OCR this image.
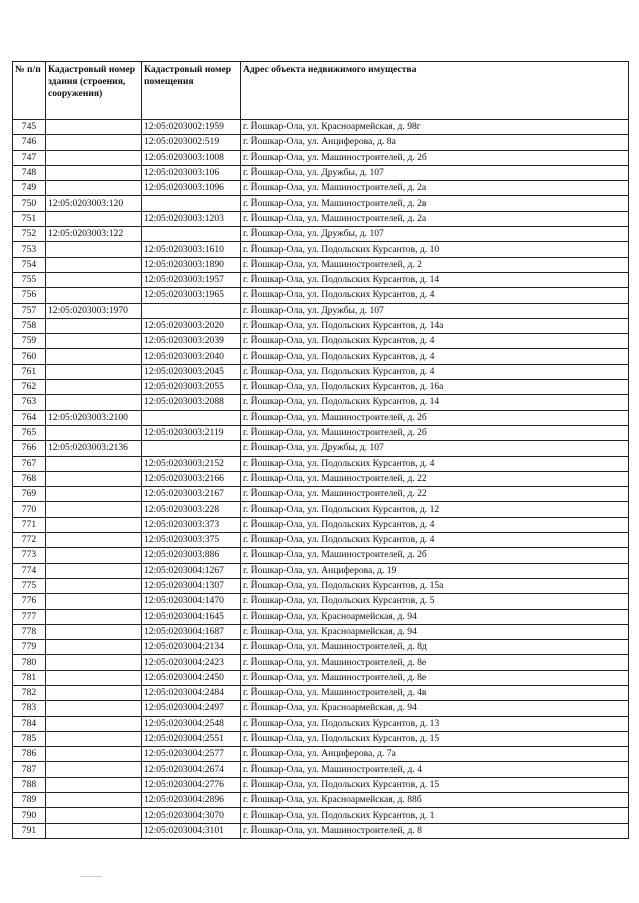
№ п/п	Кадастровый номер здания (строения, сооружения)	Кадастровый номер помещения	Адрес объекта недвижимого имущества
745		12:05:0203002:1959	г. Йошкар-Ола, ул. Красноармейская, д. 98г
746		12:05:0203002:519	г. Йошкар-Ола, ул. Анциферова, д. 8а
747		12:05:0203003:1008	г. Йошкар-Ола, ул. Машиностроителей, д. 2б
748		12:05:0203003:106	г. Йошкар-Ола, ул. Дружбы, д. 107
749		12:05:0203003:1096	г. Йошкар-Ола, ул. Машиностроителей, д. 2а
750	12:05:0203003:120		г. Йошкар-Ола, ул. Машиностроителей, д. 2в
751		12:05:0203003:1203	г. Йошкар-Ола, ул. Машиностроителей, д. 2а
752	12:05:0203003:122		г. Йошкар-Ола, ул. Дружбы, д. 107
753		12:05:0203003:1610	г. Йошкар-Ола, ул. Подольских Курсантов, д. 10
754		12:05:0203003:1890	г. Йошкар-Ола, ул. Машиностроителей, д. 2
755		12:05:0203003:1957	г. Йошкар-Ола, ул. Подольских Курсантов, д. 14
756		12:05:0203003:1965	г. Йошкар-Ола, ул. Подольских Курсантов, д. 4
757	12:05:0203003:1970		г. Йошкар-Ола, ул. Дружбы, д. 107
758		12:05:0203003:2020	г. Йошкар-Ола, ул. Подольских Курсантов, д. 14а
759		12:05:0203003:2039	г. Йошкар-Ола, ул. Подольских Курсантов, д. 4
760		12:05:0203003:2040	г. Йошкар-Ола, ул. Подольских Курсантов, д. 4
761		12:05:0203003:2045	г. Йошкар-Ола, ул. Подольских Курсантов, д. 4
762		12:05:0203003:2055	г. Йошкар-Ола, ул. Подольских Курсантов, д. 16а
763		12:05:0203003:2088	г. Йошкар-Ола, ул. Подольских Курсантов, д. 14
764	12:05:0203003:2100		г. Йошкар-Ола, ул. Машиностроителей, д. 2б
765		12:05:0203003:2119	г. Йошкар-Ола, ул. Машиностроителей, д. 2б
766	12:05:0203003:2136		г. Йошкар-Ола, ул. Дружбы, д. 107
767		12:05:0203003:2152	г. Йошкар-Ола, ул. Подольских Курсантов, д. 4
768		12:05:0203003:2166	г. Йошкар-Ола, ул. Машиностроителей, д. 22
769		12:05:0203003:2167	г. Йошкар-Ола, ул. Машиностроителей, д. 22
770		12:05:0203003:228	г. Йошкар-Ола, ул. Подольских Курсантов, д. 12
771		12:05:0203003:373	г. Йошкар-Ола, ул. Подольских Курсантов, д. 4
772		12:05:0203003:375	г. Йошкар-Ола, ул. Подольских Курсантов, д. 4
773		12:05:0203003:886	г. Йошкар-Ола, ул. Машиностроителей, д. 2б
774		12:05:0203004:1267	г. Йошкар-Ола, ул. Анциферова, д. 19
775		12:05:0203004:1307	г. Йошкар-Ола, ул. Подольских Курсантов, д. 15а
776		12:05:0203004:1470	г. Йошкар-Ола, ул. Подольских Курсантов, д. 5
777		12:05:0203004:1645	г. Йошкар-Ола, ул. Красноармейская, д. 94
778		12:05:0203004:1687	г. Йошкар-Ола, ул. Красноармейская, д. 94
779		12:05:0203004:2134	г. Йошкар-Ола, ул. Машиностроителей, д. 8д
780		12:05:0203004:2423	г. Йошкар-Ола, ул. Машиностроителей, д. 8е
781		12:05:0203004:2450	г. Йошкар-Ола, ул. Машиностроителей, д. 8е
782		12:05:0203004:2484	г. Йошкар-Ола, ул. Машиностроителей, д. 4в
783		12:05:0203004:2497	г. Йошкар-Ола, ул. Красноармейская, д. 94
784		12:05:0203004:2548	г. Йошкар-Ола, ул. Подольских Курсантов, д. 13
785		12:05:0203004:2551	г. Йошкар-Ола, ул. Подольских Курсантов, д. 15
786		12:05:0203004:2577	г. Йошкар-Ола, ул. Анциферова, д. 7а
787		12:05:0203004:2674	г. Йошкар-Ола, ул. Машиностроителей, д. 4
788		12:05:0203004:2776	г. Йошкар-Ола, ул. Подольских Курсантов, д. 15
789		12:05:0203004:2896	г. Йошкар-Ола, ул. Красноармейская, д. 88б
790		12:05:0203004:3070	г. Йошкар-Ола, ул. Подольских Курсантов, д. 1
791		12:05:0203004:3101	г. Йошкар-Ола, ул. Машиностроителей, д. 8
